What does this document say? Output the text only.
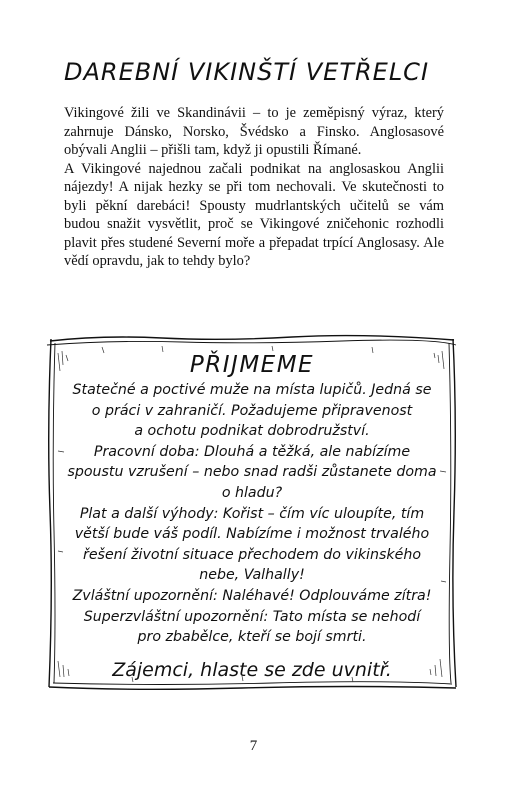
DAREBNÍ VIKINŠTÍ VETŘELCI

Vikingové žili ve Skandinávii – to je zeměpisný výraz, který zahrnuje Dánsko, Norsko, Švédsko a Finsko. Anglosasové obývali Anglii – přišli tam, když ji opustili Římané.

A Vikingové najednou začali podnikat na anglosaskou Anglii nájezdy! A nijak hezky se při tom nechovali. Ve skutečnosti to byli pěkní darebáci! Spousty mudrlantských učitelů se vám budou snažit vysvětlit, proč se Vikingové zničehonic rozhodli plavit přes studené Severní moře a přepadat trpící Anglosasy. Ale vědí opravdu, jak to tehdy bylo?

PŘIJMEME
Statečné a poctivé muže na místa lupičů. Jedná se
o práci v zahraničí. Požadujeme připravenost
a ochotu podnikat dobrodružství.
Pracovní doba: Dlouhá a těžká, ale nabízíme
spoustu vzrušení – nebo snad radši zůstanete doma
o hladu?
Plat a další výhody: Kořist – čím víc uloupíte, tím
větší bude váš podíl. Nabízíme i možnost trvalého
řešení životní situace přechodem do vikinského
nebe, Valhally!
Zvláštní upozornění: Naléhavé! Odplouváme zítra!
Superzvláštní upozornění: Tato místa se nehodí
pro zbabělce, kteří se bojí smrti.
Zájemci, hlaste se zde uvnitř.
7
